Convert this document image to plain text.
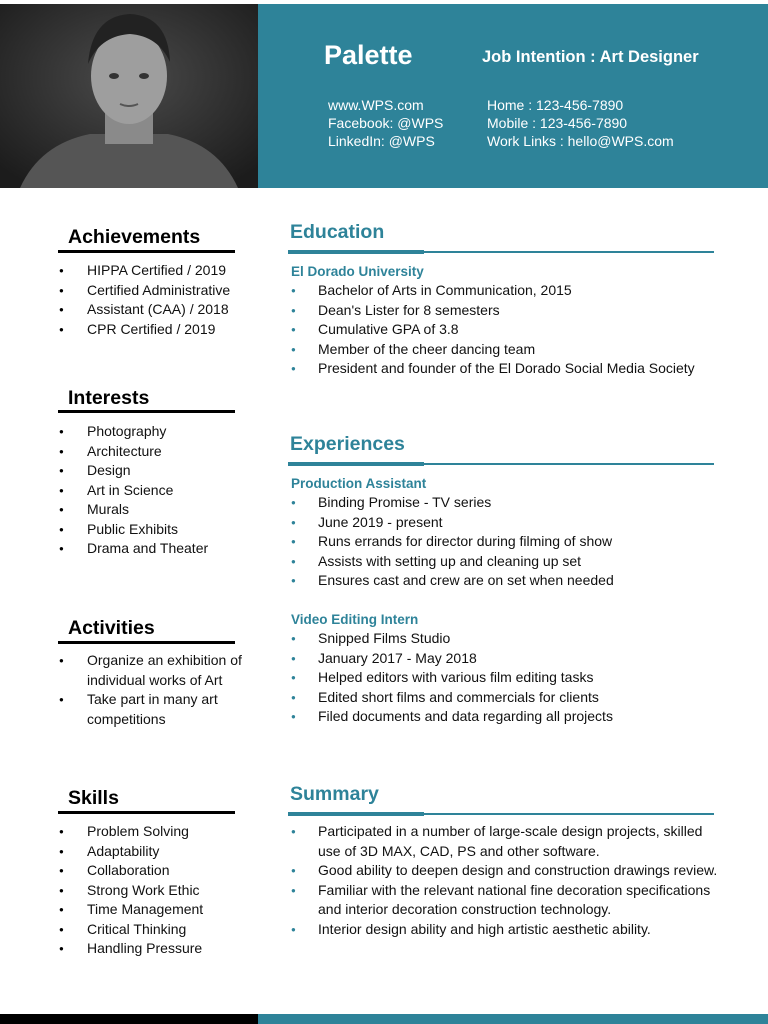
Palette	Job Intention : Art Designer
www.WPS.com
Facebook: @WPS
LinkedIn: @WPS
Home : 123-456-7890
Mobile : 123-456-7890
Work Links : hello@WPS.com
Achievements
● HIPPA Certified / 2019
● Certified Administrative
● Assistant (CAA) / 2018
● CPR Certified / 2019
Interests
● Photography
● Architecture
● Design
● Art in Science
● Murals
● Public Exhibits
● Drama and Theater
Activities
● Organize an exhibition of individual works of Art
● Take part in many art competitions
Skills
● Problem Solving
● Adaptability
● Collaboration
● Strong Work Ethic
● Time Management
● Critical Thinking
● Handling Pressure
Education
El Dorado University
● Bachelor of Arts in Communication, 2015
● Dean's Lister for 8 semesters
● Cumulative GPA of 3.8
● Member of the cheer dancing team
● President and founder of the El Dorado Social Media Society
Experiences
Production Assistant
● Binding Promise - TV series
● June 2019 - present
● Runs errands for director during filming of show
● Assists with setting up and cleaning up set
● Ensures cast and crew are on set when needed
Video Editing Intern
● Snipped Films Studio
● January 2017 - May 2018
● Helped editors with various film editing tasks
● Edited short films and commercials for clients
● Filed documents and data regarding all projects
Summary
● Participated in a number of large-scale design projects, skilled use of 3D MAX, CAD, PS and other software.
● Good ability to deepen design and construction drawings review.
● Familiar with the relevant national fine decoration specifications and interior decoration construction technology.
● Interior design ability and high artistic aesthetic ability.
